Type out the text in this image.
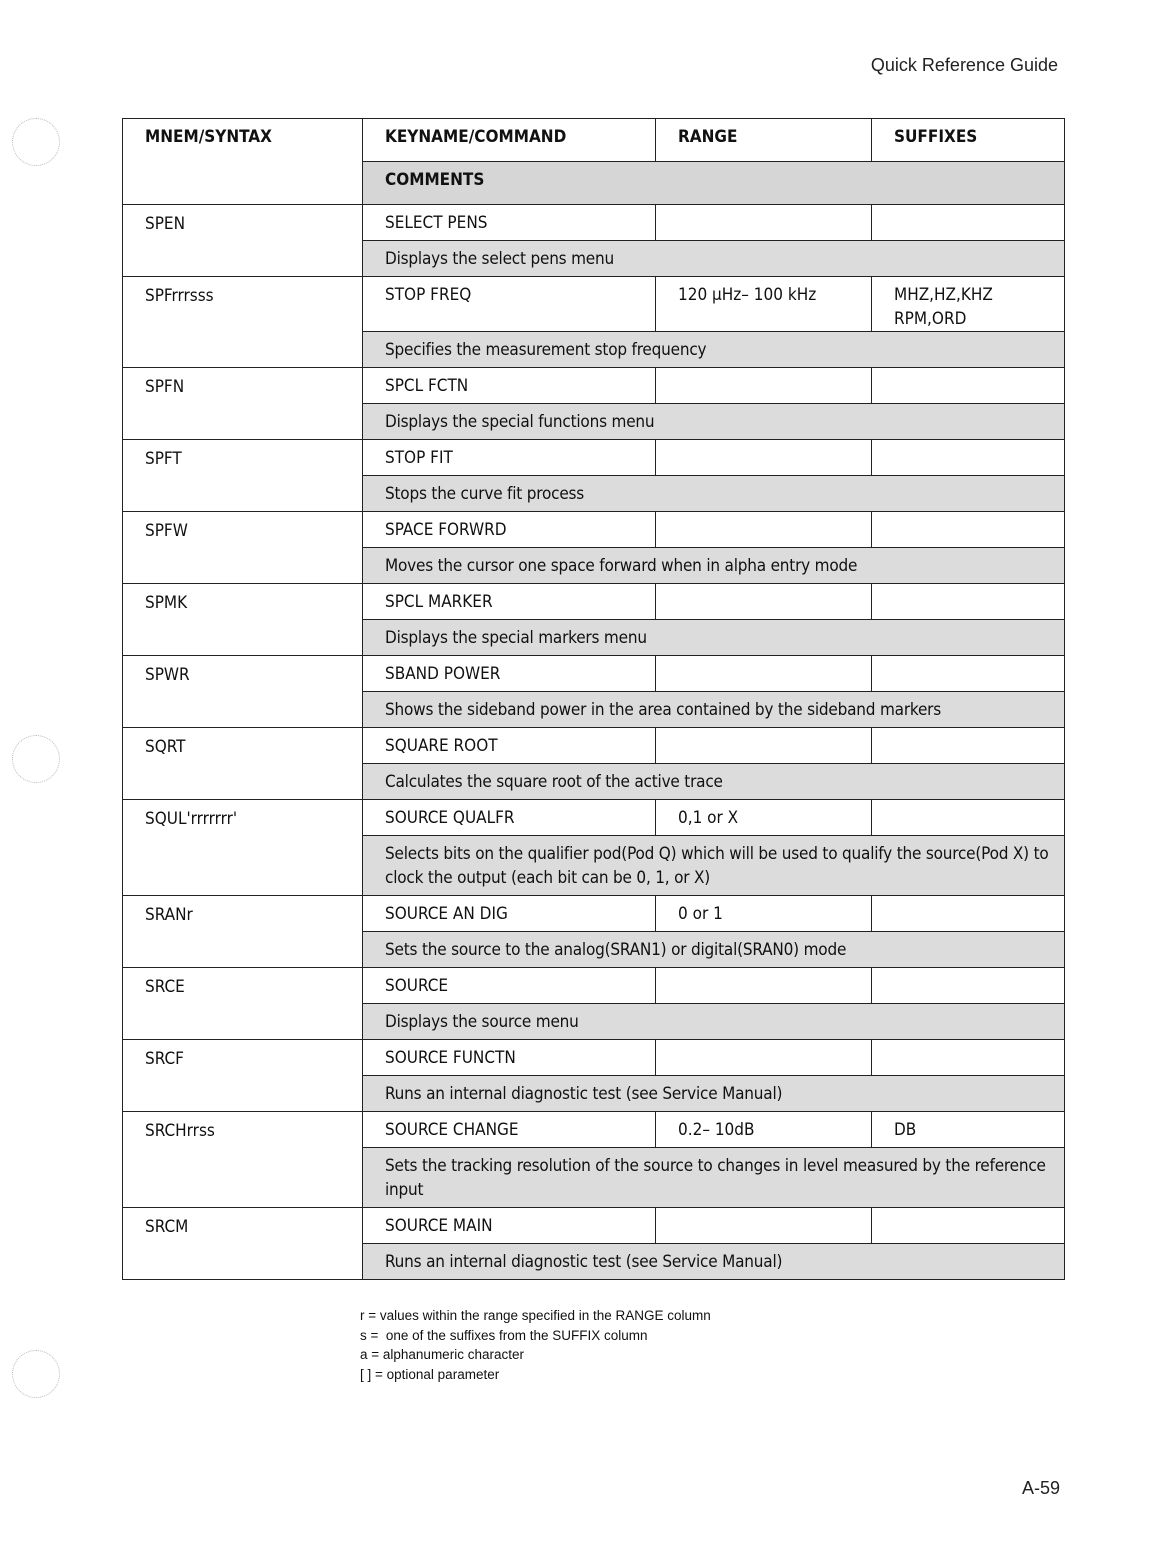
Quick Reference Guide
MNEM/SYNTAX	KEYNAME/COMMAND	RANGE	SUFFIXES
	COMMENTS		
SPEN	SELECT PENS		
	Displays the select pens menu		
SPFrrrsss	STOP FREQ	120 μHz– 100 kHz	MHZ,HZ,KHZ
RPM,ORD
	Specifies the measurement stop frequency		
SPFN	SPCL FCTN		
	Displays the special functions menu		
SPFT	STOP FIT		
	Stops the curve fit process		
SPFW	SPACE FORWRD		
	Moves the cursor one space forward when in alpha entry mode		
SPMK	SPCL MARKER		
	Displays the special markers menu		
SPWR	SBAND POWER		
	Shows the sideband power in the area contained by the sideband markers		
SQRT	SQUARE ROOT		
	Calculates the square root of the active trace		
SQUL'rrrrrrr'	SOURCE QUALFR	0,1 or X	
	Selects bits on the qualifier pod(Pod Q) which will be used to qualify the source(Pod X) to clock the output (each bit can be 0, 1, or X)		
SRANr	SOURCE AN DIG	0 or 1	
	Sets the source to the analog(SRAN1) or digital(SRAN0) mode		
SRCE	SOURCE		
	Displays the source menu		
SRCF	SOURCE FUNCTN		
	Runs an internal diagnostic test (see Service Manual)		
SRCHrrss	SOURCE CHANGE	0.2– 10dB	DB
	Sets the tracking resolution of the source to changes in level measured by the reference input		
SRCM	SOURCE MAIN		
	Runs an internal diagnostic test (see Service Manual)		
r = values within the range specified in the RANGE column
s =  one of the suffixes from the SUFFIX column
a = alphanumeric character
[ ] = optional parameter
A-59
